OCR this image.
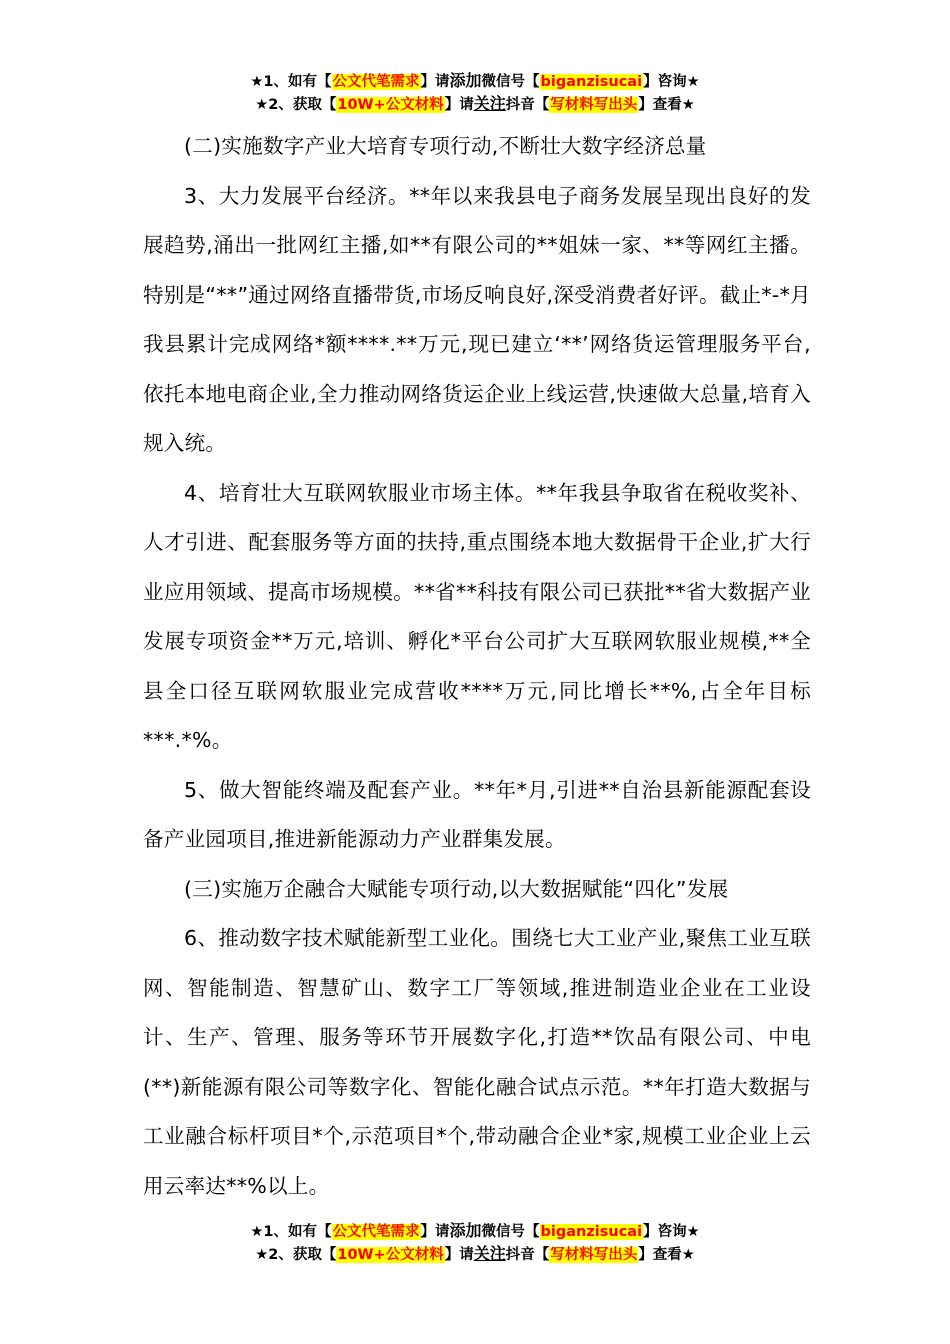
★1、如有【公文代笔需求】请添加微信号【biganzisucai】咨询★
★2、获取【10W+公文材料】请关注抖音【写材料写出头】查看★

(二)实施数字产业大培育专项行动,不断壮大数字经济总量

3、大力发展平台经济。**年以来我县电子商务发展呈现出良好的发展趋势,涌出一批网红主播,如**有限公司的**姐妹一家、**等网红主播。特别是“**”通过网络直播带货,市场反响良好,深受消费者好评。截止*-*月我县累计完成网络*额****.**万元,现已建立‘**’网络货运管理服务平台,依托本地电商企业,全力推动网络货运企业上线运营,快速做大总量,培育入规入统。

4、培育壮大互联网软服业市场主体。**年我县争取省在税收奖补、人才引进、配套服务等方面的扶持,重点围绕本地大数据骨干企业,扩大行业应用领域、提高市场规模。**省**科技有限公司已获批**省大数据产业发展专项资金**万元,培训、孵化*平台公司扩大互联网软服业规模,**全县全口径互联网软服业完成营收****万元,同比增长**%,占全年目标***.*%。

5、做大智能终端及配套产业。**年*月,引进**自治县新能源配套设备产业园项目,推进新能源动力产业群集发展。

(三)实施万企融合大赋能专项行动,以大数据赋能“四化”发展

6、推动数字技术赋能新型工业化。围绕七大工业产业,聚焦工业互联网、智能制造、智慧矿山、数字工厂等领域,推进制造业企业在工业设计、生产、管理、服务等环节开展数字化,打造**饮品有限公司、中电(**)新能源有限公司等数字化、智能化融合试点示范。**年打造大数据与工业融合标杆项目*个,示范项目*个,带动融合企业*家,规模工业企业上云用云率达**%以上。

★1、如有【公文代笔需求】请添加微信号【biganzisucai】咨询★
★2、获取【10W+公文材料】请关注抖音【写材料写出头】查看★
